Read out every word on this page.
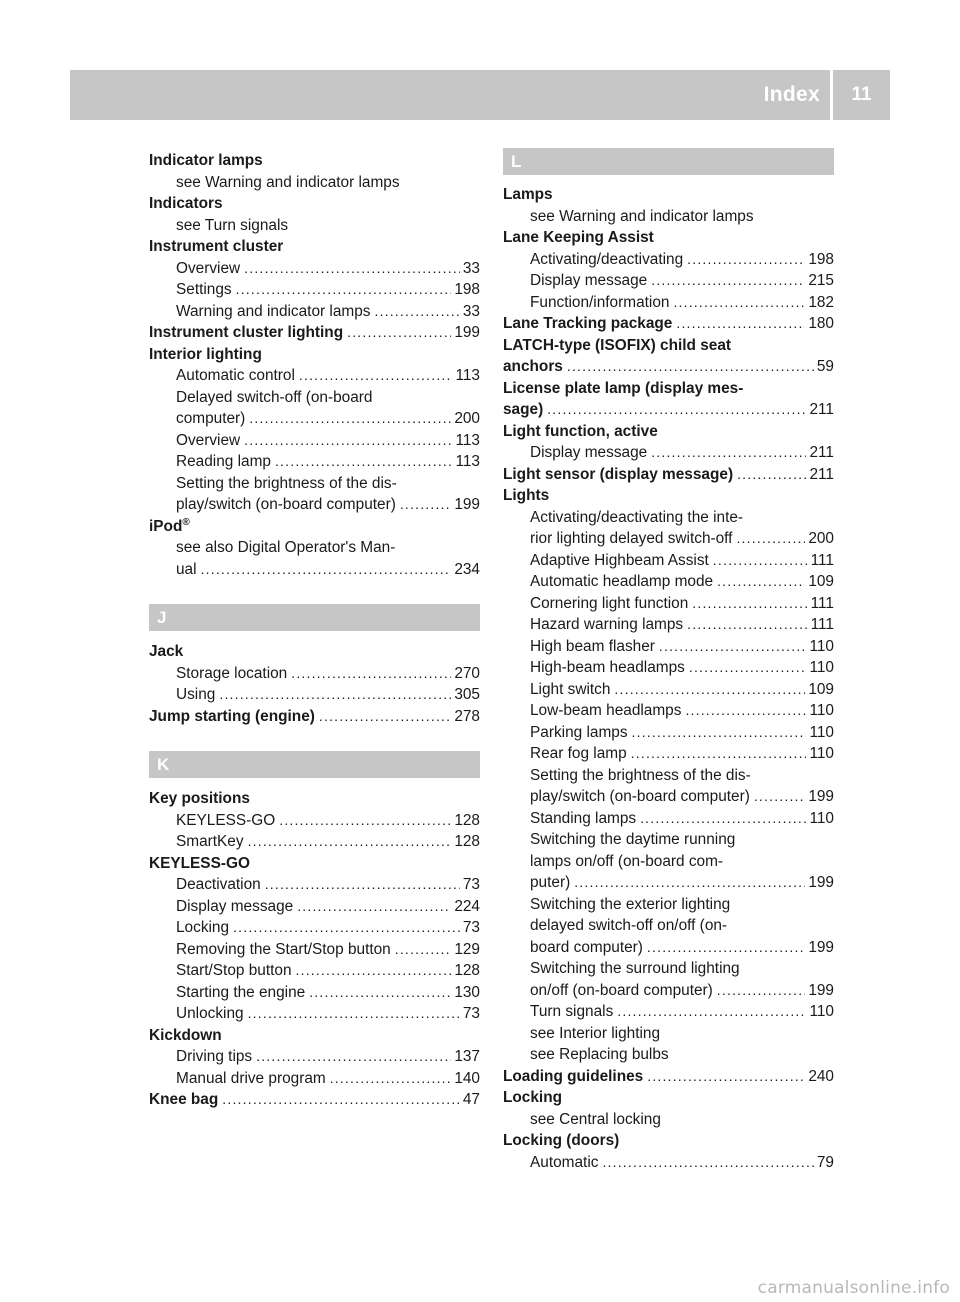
Index	11
Indicator lamps
see Warning and indicator lamps
Indicators
see Turn signals
Instrument cluster
Overview .....	33
Settings .....	198
Warning and indicator lamps .....	33
Instrument cluster lighting .....	199
Interior lighting
Automatic control .....	113
Delayed switch-off (on-board
computer) .....	200
Overview .....	113
Reading lamp .....	113
Setting the brightness of the dis-
play/switch (on-board computer) .....	199
iPod®
see also Digital Operator's Man-
ual .....	234
J
Jack
Storage location .....	270
Using .....	305
Jump starting (engine) .....	278
K
Key positions
KEYLESS-GO .....	128
SmartKey .....	128
KEYLESS-GO
Deactivation .....	73
Display message .....	224
Locking .....	73
Removing the Start/Stop button .....	129
Start/Stop button .....	128
Starting the engine .....	130
Unlocking .....	73
Kickdown
Driving tips .....	137
Manual drive program .....	140
Knee bag .....	47
L
Lamps
see Warning and indicator lamps
Lane Keeping Assist
Activating/deactivating .....	198
Display message .....	215
Function/information .....	182
Lane Tracking package .....	180
LATCH-type (ISOFIX) child seat
anchors .....	59
License plate lamp (display mes-
sage) .....	211
Light function, active
Display message .....	211
Light sensor (display message) .....	211
Lights
Activating/deactivating the inte-
rior lighting delayed switch-off .....	200
Adaptive Highbeam Assist .....	111
Automatic headlamp mode .....	109
Cornering light function .....	111
Hazard warning lamps .....	111
High beam flasher .....	110
High-beam headlamps .....	110
Light switch .....	109
Low-beam headlamps .....	110
Parking lamps .....	110
Rear fog lamp .....	110
Setting the brightness of the dis-
play/switch (on-board computer) .....	199
Standing lamps .....	110
Switching the daytime running
lamps on/off (on-board com-
puter) .....	199
Switching the exterior lighting
delayed switch-off on/off (on-
board computer) .....	199
Switching the surround lighting
on/off (on-board computer) .....	199
Turn signals .....	110
see Interior lighting
see Replacing bulbs
Loading guidelines .....	240
Locking
see Central locking
Locking (doors)
Automatic .....	79
carmanualsonline.info
